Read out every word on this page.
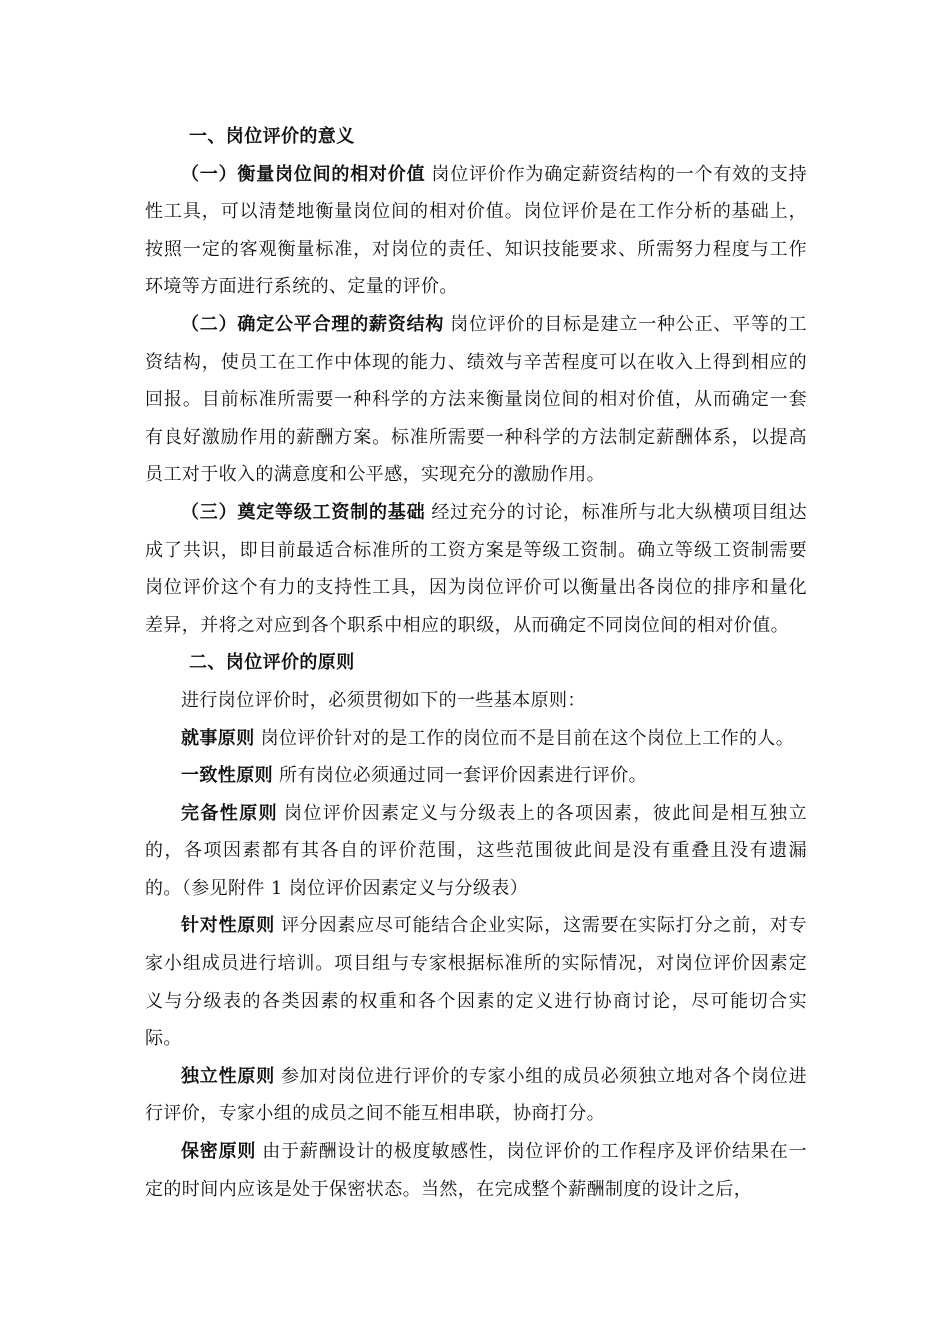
一、岗位评价的意义

（一）衡量岗位间的相对价值 岗位评价作为确定薪资结构的一个有效的支持性工具，可以清楚地衡量岗位间的相对价值。岗位评价是在工作分析的基础上，按照一定的客观衡量标准，对岗位的责任、知识技能要求、所需努力程度与工作环境等方面进行系统的、定量的评价。

（二）确定公平合理的薪资结构 岗位评价的目标是建立一种公正、平等的工资结构，使员工在工作中体现的能力、绩效与辛苦程度可以在收入上得到相应的回报。目前标准所需要一种科学的方法来衡量岗位间的相对价值，从而确定一套有良好激励作用的薪酬方案。标准所需要一种科学的方法制定薪酬体系，以提高员工对于收入的满意度和公平感，实现充分的激励作用。

（三）奠定等级工资制的基础 经过充分的讨论，标准所与北大纵横项目组达成了共识，即目前最适合标准所的工资方案是等级工资制。确立等级工资制需要岗位评价这个有力的支持性工具，因为岗位评价可以衡量出各岗位的排序和量化差异，并将之对应到各个职系中相应的职级，从而确定不同岗位间的相对价值。

二、岗位评价的原则

进行岗位评价时，必须贯彻如下的一些基本原则：

就事原则 岗位评价针对的是工作的岗位而不是目前在这个岗位上工作的人。

一致性原则 所有岗位必须通过同一套评价因素进行评价。

完备性原则 岗位评价因素定义与分级表上的各项因素，彼此间是相互独立的，各项因素都有其各自的评价范围，这些范围彼此间是没有重叠且没有遗漏的。（参见附件 1 岗位评价因素定义与分级表）

针对性原则 评分因素应尽可能结合企业实际，这需要在实际打分之前，对专家小组成员进行培训。项目组与专家根据标准所的实际情况，对岗位评价因素定义与分级表的各类因素的权重和各个因素的定义进行协商讨论，尽可能切合实际。

独立性原则 参加对岗位进行评价的专家小组的成员必须独立地对各个岗位进行评价，专家小组的成员之间不能互相串联，协商打分。

保密原则 由于薪酬设计的极度敏感性，岗位评价的工作程序及评价结果在一定的时间内应该是处于保密状态。当然，在完成整个薪酬制度的设计之后，
